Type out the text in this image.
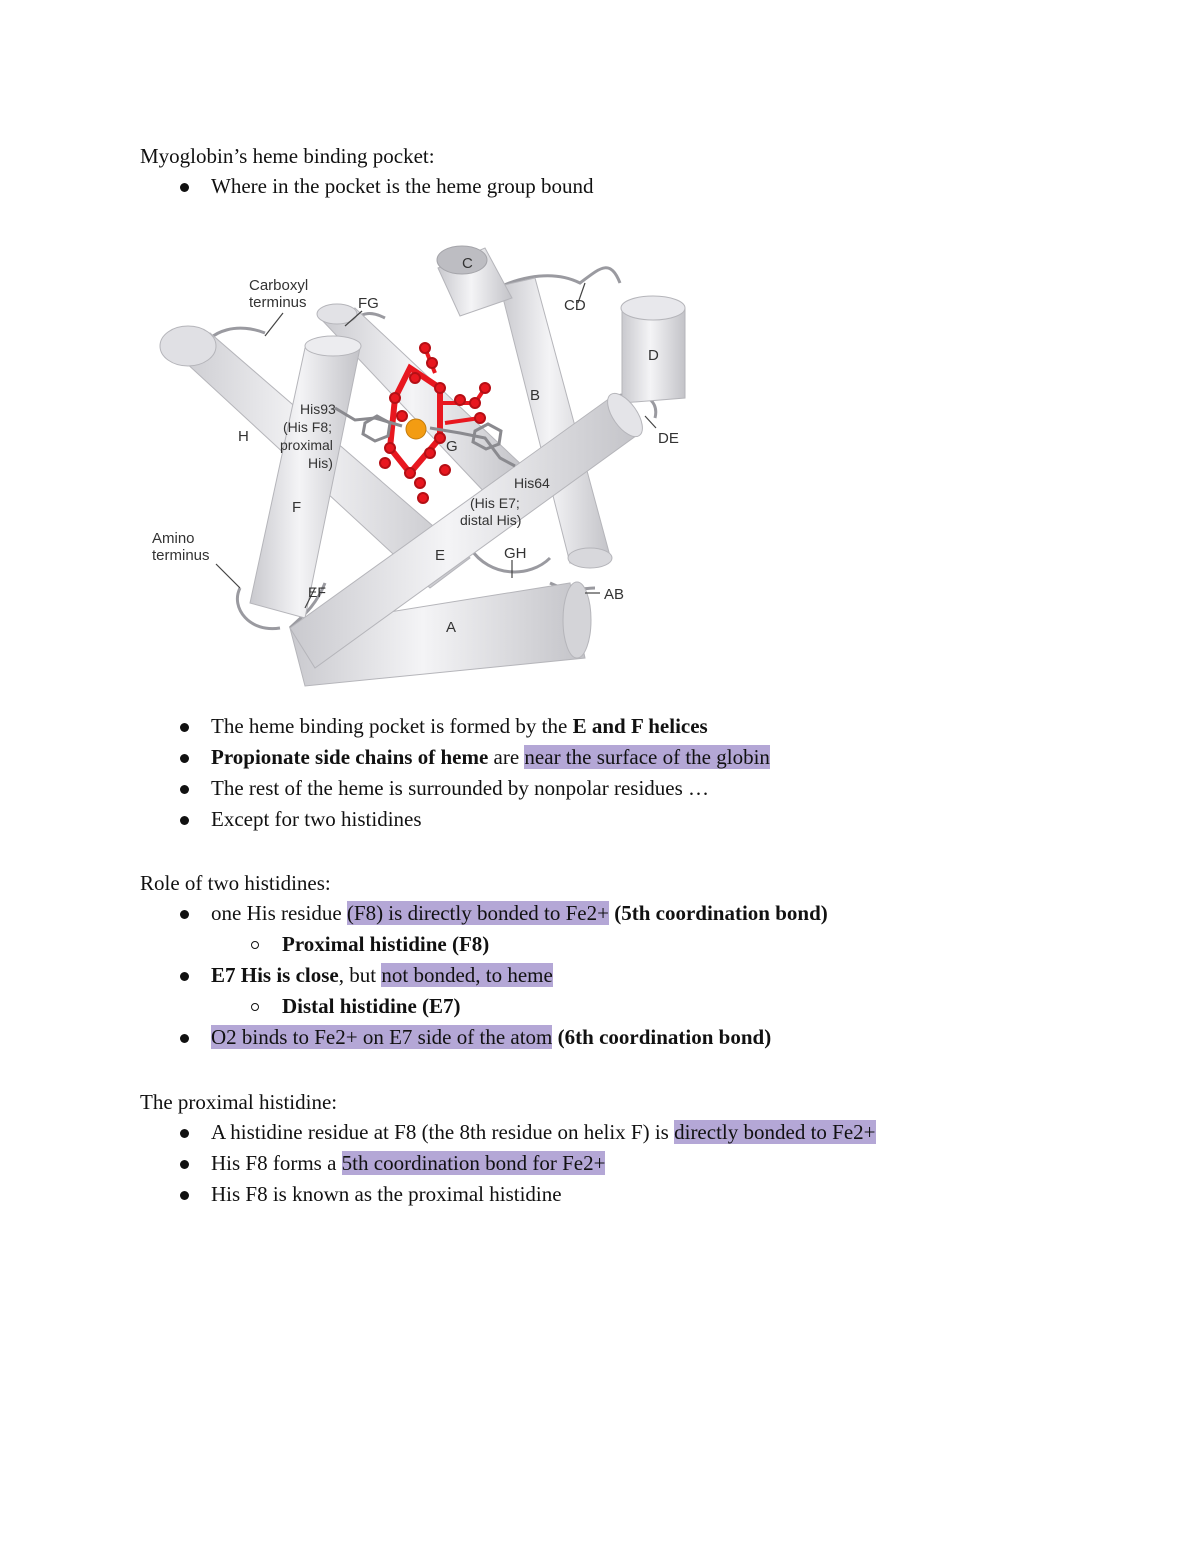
Myoglobin’s heme binding pocket:
Where in the pocket is the heme group bound
Carboxyl
terminus	FG
C
CD
D
B
H
His93
(His F8;
proximal
His)
G	DE
His64
(His E7;
distal His)
Amino
terminus
F
E	GH
EF	AB
A
The heme binding pocket is formed by the E and F helices
Propionate side chains of heme are near the surface of the globin
The rest of the heme is surrounded by nonpolar residues …
Except for two histidines
Role of two histidines:
one His residue (F8) is directly bonded to Fe2+ (5th coordination bond)
Proximal histidine (F8)
E7 His is close, but not bonded, to heme
Distal histidine (E7)
O2 binds to Fe2+ on E7 side of the atom (6th coordination bond)
The proximal histidine:
A histidine residue at F8 (the 8th residue on helix F) is directly bonded to Fe2+
His F8 forms a 5th coordination bond for Fe2+
His F8 is known as the proximal histidine
